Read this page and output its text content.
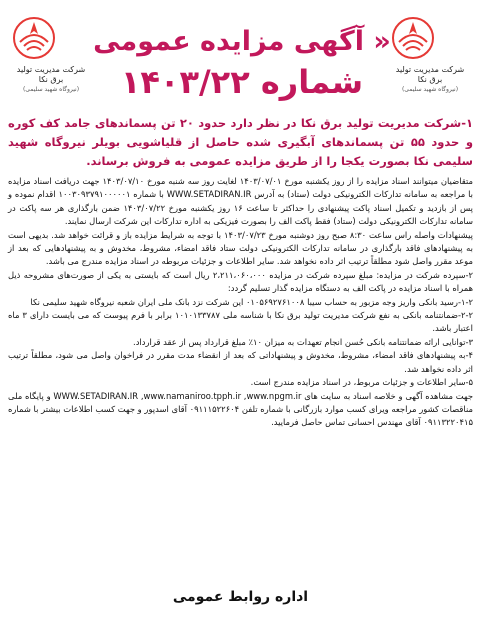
شرکت مدیریت تولید برق نکا
(نیروگاه شهید سلیمی)
شرکت مدیریت تولید برق نکا
(نیروگاه شهید سلیمی)
« آگهی مزایده عمومی
شماره ۱۴۰۳/۲۲
۱-شرکت مدیریت تولید برق نکا در نظر دارد حدود ۲۰ تن پسماندهای جامد کف کوره و حدود ۵۵ تن پسماندهای آبگیری شده حاصل از قلیاشویی بویلر نیروگاه شهید سلیمی نکا بصورت یکجا را از طریق مزایده عمومی به فروش برساند.

متقاضیان میتوانند اسناد مزایده را از روز یکشنبه مورخ ۱۴۰۳/۰۷/۰۱ لغایت روز سه شنبه مورخ ۱۴۰۳/۰۷/۱۰ جهت دریافت اسناد مزایده با مراجعه به سامانه تدارکات الکترونیکی دولت (ستاد) به آدرس WWW.SETADIRAN.IR با شماره ۱۰۰۳۰۹۳۷۹۱۰۰۰۰۰۱ اقدام نموده و پس از بازدید و تکمیل اسناد پاکت پیشنهادی را حداکثر تا ساعت ۱۶ روز یکشنبه مورخ ۱۴۰۳/۰۷/۲۲ ضمن بارگذاری هر سه پاکت در سامانه تدارکات الکترونیکی دولت (ستاد) فقط پاکت الف را بصورت فیزیکی به اداره تدارکات این شرکت ارسال نمایند.

پیشنهادات واصله راس ساعت ۸:۳۰ صبح روز دوشنبه مورخ ۱۴۰۳/۰۷/۲۳ با توجه به شرایط مزایده باز و قرائت خواهد شد. بدیهی است به پیشنهادهای فاقد بارگذاری در سامانه تدارکات الکترونیکی دولت ستاد فاقد امضاء، مشروط، مخدوش و به پیشنهادهایی که بعد از موعد مقرر واصل شود مطلقاً ترتیب اثر داده نخواهد شد. سایر اطلاعات و جزئیات مربوطه در اسناد مزایده مندرج می باشد.

۲-سپرده شرکت در مزایده: مبلغ سپرده شرکت در مزایده ۲،۲۱۱،۰۶۰،۰۰۰ ریال است که بایستی به یکی از صورت‌های مشروحه ذیل همراه با اسناد مزایده در پاکت الف به دستگاه مزایده گذار تسلیم گردد:

۱-۲-رسید بانکی واریز وجه مزبور به حساب سیبا ۰۱۰۵۶۹۲۷۶۱۰۰۸ این شرکت نزد بانک ملی ایران شعبه نیروگاه شهید سلیمی نکا

۲-۲-ضمانتنامه بانکی به نفع شرکت مدیریت تولید برق نکا با شناسه ملی ۱۰۱۰۱۳۳۷۸۷ برابر با فرم پیوست که می بایست دارای ۳ ماه اعتبار باشد.

۳-توانایی ارائه ضمانتنامه بانکی حُسن انجام تعهدات به میزان ۱۰٪ مبلغ قرارداد پس از عقد قرارداد.

۴-به پیشنهادهای فاقد امضاء، مشروط، مخدوش و پیشنهاداتی که بعد از انقضاء مدت مقرر در فراخوان واصل می شود، مطلقاً ترتیب اثر داده نخواهد شد.

۵-سایر اطلاعات و جزئیات مربوط، در اسناد مزایده مندرج است.

جهت مشاهده آگهی و خلاصه اسناد به سایت های WWW.SETADIRAN.IR ,www.namaniroo.tpph.ir ,www.npgm.ir و پایگاه ملی مناقصات کشور مراجعه ویرای کسب موارد بازرگانی با شماره تلفن ۰۹۱۱۱۵۲۲۶۰۴ آقای اسدپور و جهت کسب اطلاعات بیشتر با شماره ۰۹۱۱۳۲۲۰۴۱۵ آقای مهندس احسانی تماس حاصل فرمایید.

اداره روابط عمومی
